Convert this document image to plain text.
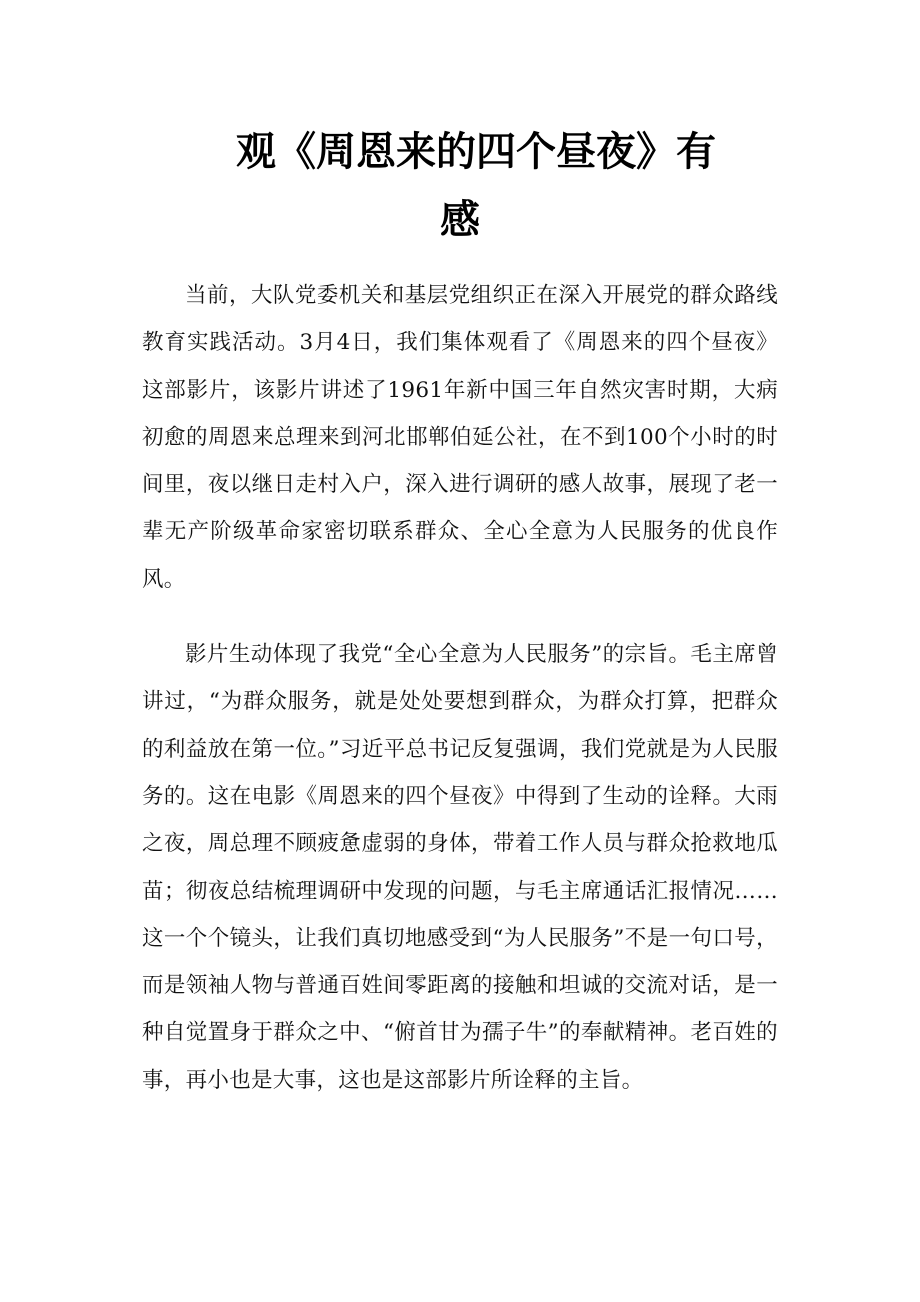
观《周恩来的四个昼夜》有
感

当前，大队党委机关和基层党组织正在深入开展党的群众路线教育实践活动。3月4日，我们集体观看了《周恩来的四个昼夜》这部影片，该影片讲述了1961年新中国三年自然灾害时期，大病初愈的周恩来总理来到河北邯郸伯延公社，在不到100个小时的时间里，夜以继日走村入户，深入进行调研的感人故事，展现了老一辈无产阶级革命家密切联系群众、全心全意为人民服务的优良作风。

影片生动体现了我党“全心全意为人民服务”的宗旨。毛主席曾讲过，“为群众服务，就是处处要想到群众，为群众打算，把群众的利益放在第一位。”习近平总书记反复强调，我们党就是为人民服务的。这在电影《周恩来的四个昼夜》中得到了生动的诠释。大雨之夜，周总理不顾疲惫虚弱的身体，带着工作人员与群众抢救地瓜苗；彻夜总结梳理调研中发现的问题，与毛主席通话汇报情况……这一个个镜头，让我们真切地感受到“为人民服务”不是一句口号，而是领袖人物与普通百姓间零距离的接触和坦诚的交流对话，是一种自觉置身于群众之中、“俯首甘为孺子牛”的奉献精神。老百姓的事，再小也是大事，这也是这部影片所诠释的主旨。
